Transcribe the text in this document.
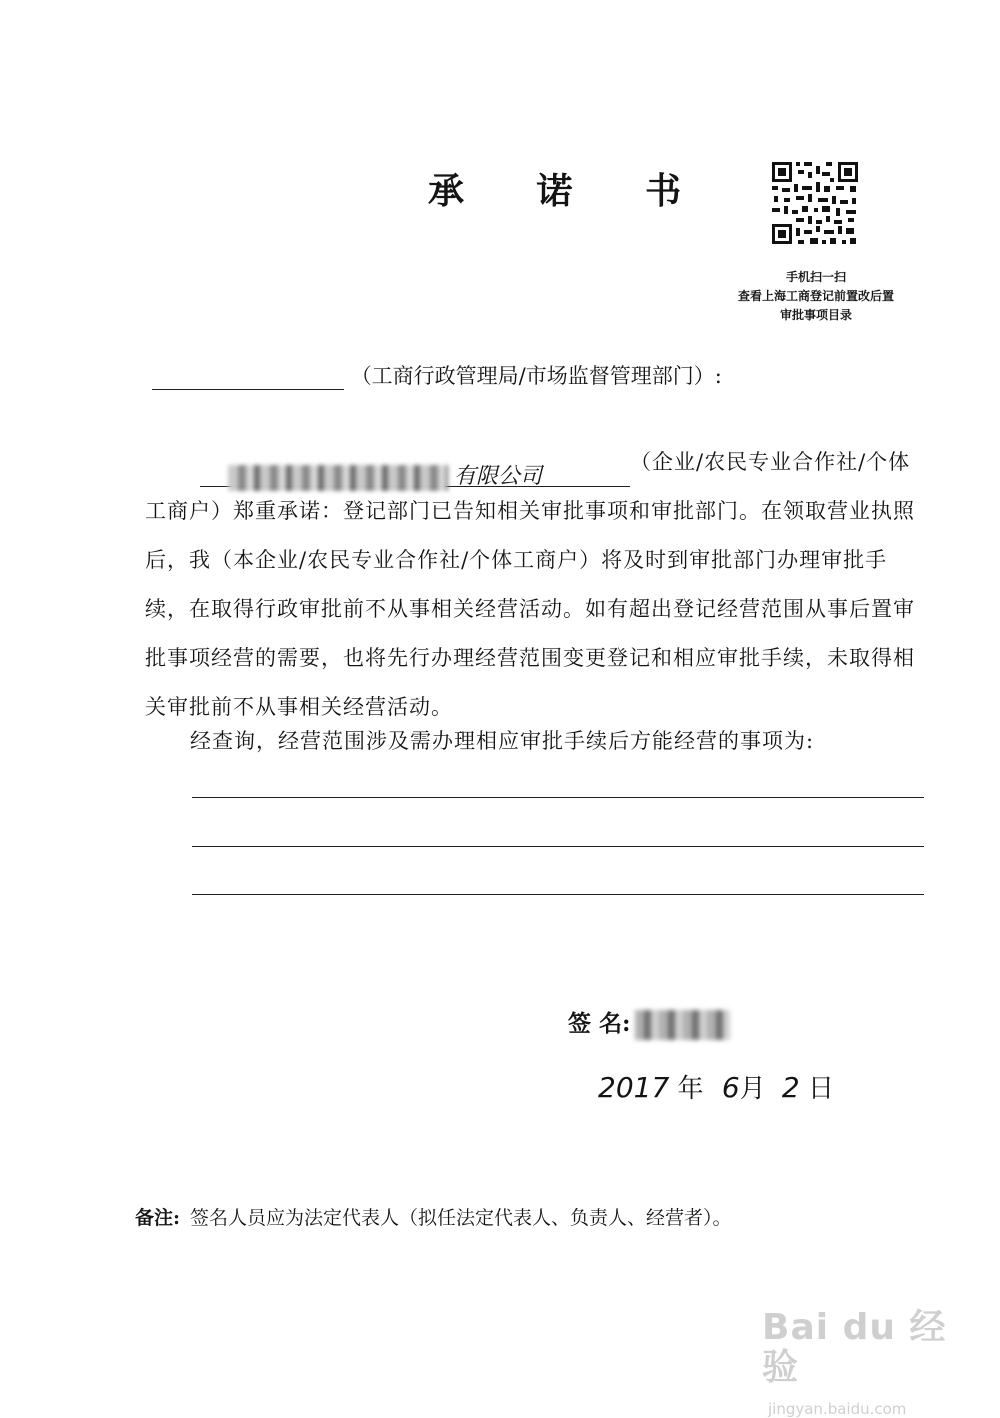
承 诺 书
手机扫一扫
查看上海工商登记前置改后置
审批事项目录
（工商行政管理局/市场监督管理部门）:
有限公司（企业/农民专业合作社/个体工商户）郑重承诺：登记部门已告知相关审批事项和审批部门。在领取营业执照后，我（本企业/农民专业合作社/个体工商户）将及时到审批部门办理审批手续，在取得行政审批前不从事相关经营活动。如有超出登记经营范围从事后置审批事项经营的需要，也将先行办理经营范围变更登记和相应审批手续，未取得相关审批前不从事相关经营活动。
经查询，经营范围涉及需办理相应审批手续后方能经营的事项为:
签 名:
2017 年 6月 2 日
备注: 签名人员应为法定代表人（拟任法定代表人、负责人、经营者）。
Bai du 经验
jingyan.baidu.com
